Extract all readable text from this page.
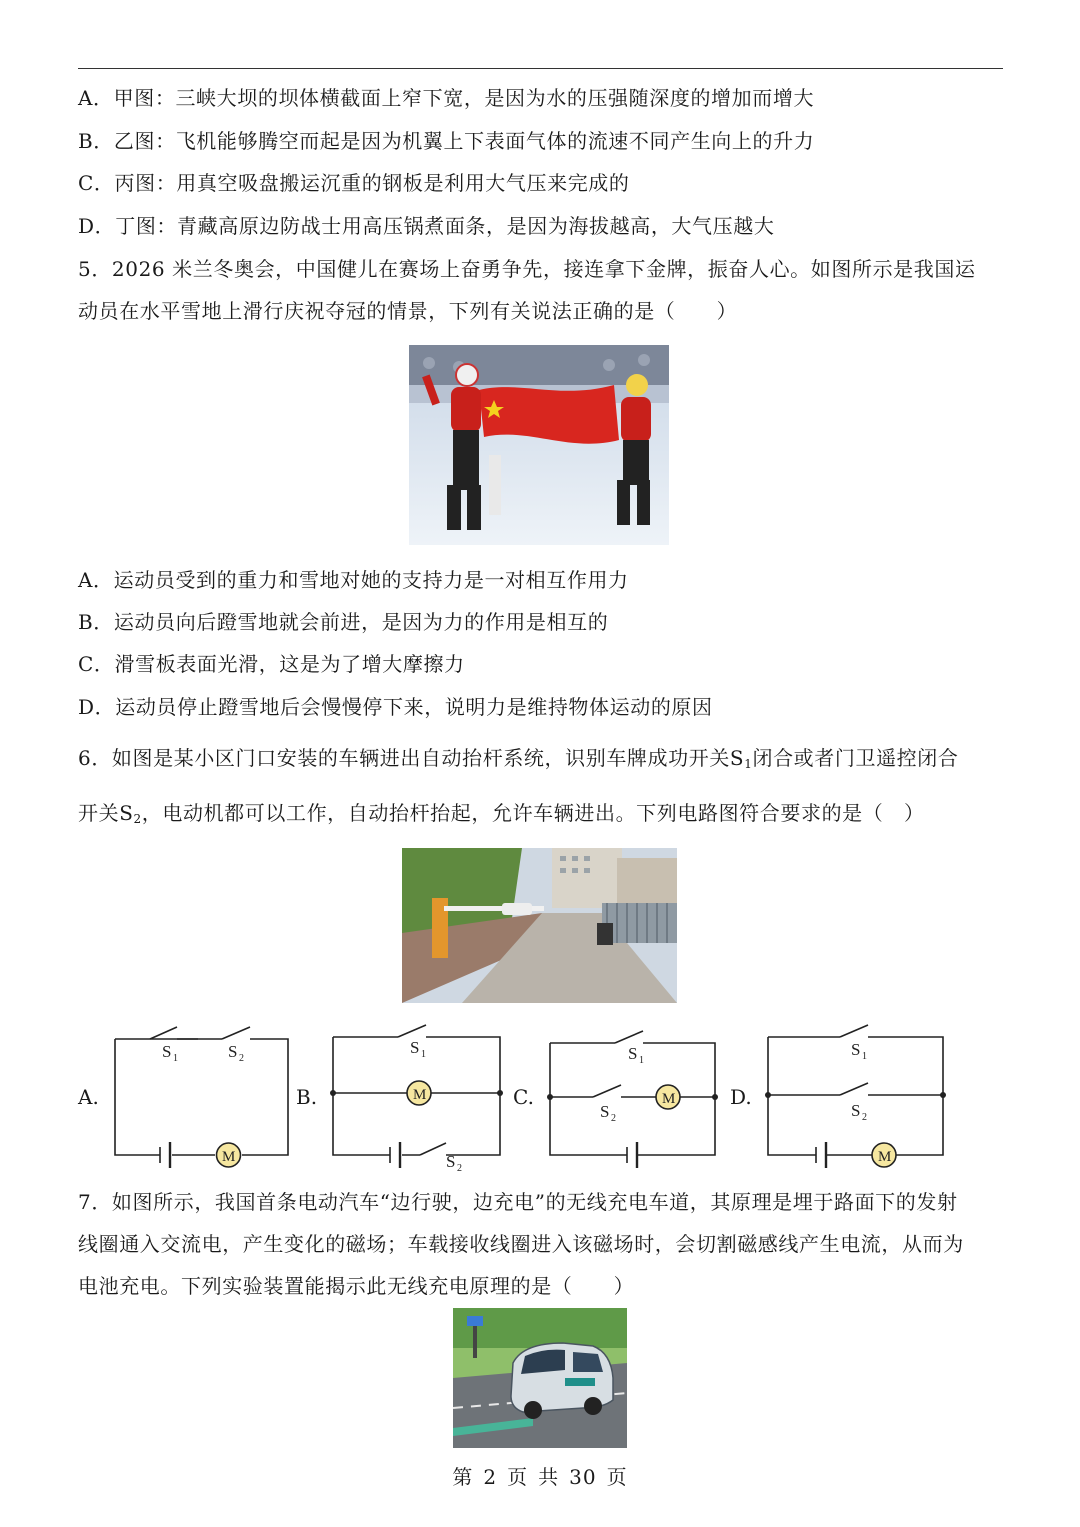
A．甲图：三峡大坝的坝体横截面上窄下宽，是因为水的压强随深度的增加而增大
B．乙图：飞机能够腾空而起是因为机翼上下表面气体的流速不同产生向上的升力
C．丙图：用真空吸盘搬运沉重的钢板是利用大气压来完成的
D．丁图：青藏高原边防战士用高压锅煮面条，是因为海拔越高，大气压越大
5．2026 米兰冬奥会，中国健儿在赛场上奋勇争先，接连拿下金牌，振奋人心。如图所示是我国运
动员在水平雪地上滑行庆祝夺冠的情景，下列有关说法正确的是（　　）
A．运动员受到的重力和雪地对她的支持力是一对相互作用力
B．运动员向后蹬雪地就会前进，是因为力的作用是相互的
C．滑雪板表面光滑，这是为了增大摩擦力
D．运动员停止蹬雪地后会慢慢停下来，说明力是维持物体运动的原因
6．如图是某小区门口安装的车辆进出自动抬杆系统，识别车牌成功开关$S_1$闭合或者门卫遥控闭合
开关$S_2$，电动机都可以工作，自动抬杆抬起，允许车辆进出。下列电路图符合要求的是（　）
A.	B.	C.	D.
S 1	S 2
M
S 1
M
S 2
S 1
S 2
M
S 1
S 2
M
7．如图所示，我国首条电动汽车“边行驶，边充电”的无线充电车道，其原理是埋于路面下的发射
线圈通入交流电，产生变化的磁场；车载接收线圈进入该磁场时，会切割磁感线产生电流，从而为
电池充电。下列实验装置能揭示此无线充电原理的是（　　）
第 2 页 共 30 页
